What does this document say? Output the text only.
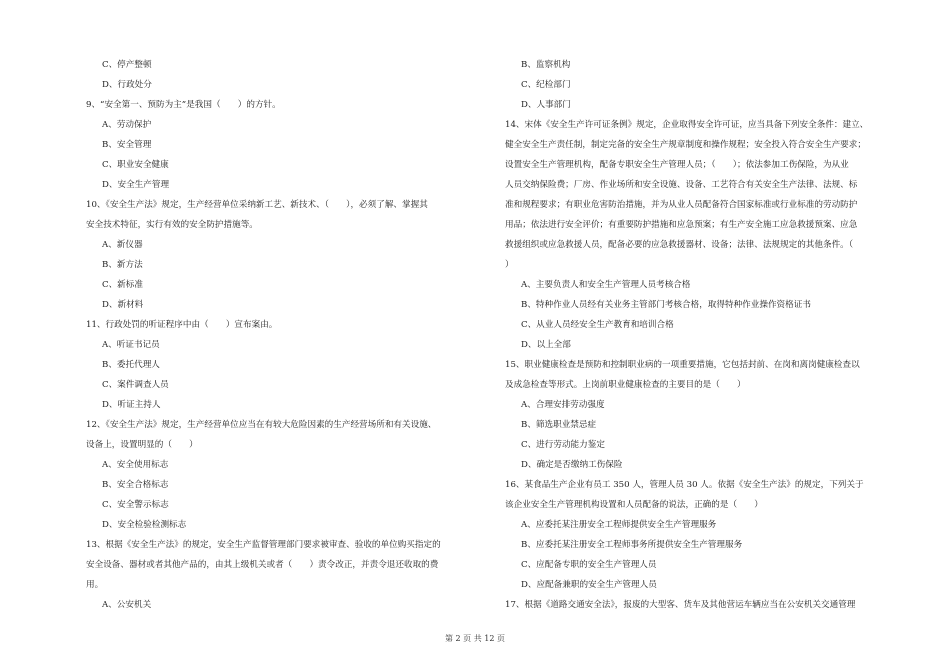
C、停产整顿
D、行政处分
9、“安全第一、预防为主”是我国（　　）的方针。
A、劳动保护
B、安全管理
C、职业安全健康
D、安全生产管理
10、《安全生产法》规定，生产经营单位采纳新工艺、新技术、（　　），必须了解、掌握其
安全技术特征，实行有效的安全防护措施等。
A、新仪器
B、新方法
C、新标准
D、新材料
11、行政处罚的听证程序中由（　　）宣布案由。
A、听证书记员
B、委托代理人
C、案件调查人员
D、听证主持人
12、《安全生产法》规定，生产经营单位应当在有较大危险因素的生产经营场所和有关设施、
设备上，设置明显的（　　）
A、安全使用标志
B、安全合格标志
C、安全警示标志
D、安全检验检测标志
13、根据《安全生产法》的规定，安全生产监督管理部门要求被审查、验收的单位购买指定的
安全设备、器材或者其他产品的，由其上级机关或者（　　）责令改正，并责令退还收取的费
用。
A、公安机关
B、监察机构
C、纪检部门
D、人事部门
14、宋体《安全生产许可证条例》规定，企业取得安全许可证，应当具备下列安全条件：建立、
健全安全生产责任制，制定完备的安全生产规章制度和操作规程；安全投入符合安全生产要求；
设置安全生产管理机构，配备专职安全生产管理人员；（　　）；依法参加工伤保险，为从业
人员交纳保险费；厂房、作业场所和安全设施、设备、工艺符合有关安全生产法律、法规、标
准和规程要求；有职业危害防治措施，并为从业人员配备符合国家标准或行业标准的劳动防护
用品；依法进行安全评价；有重要防护措施和应急预案；有生产安全施工应急救援预案、应急
救援组织或应急救援人员，配备必要的应急救援器材、设备；法律、法规规定的其他条件。（
）
A、主要负责人和安全生产管理人员考核合格
B、特种作业人员经有关业务主管部门考核合格，取得特种作业操作资格证书
C、从业人员经安全生产教育和培训合格
D、以上全部
15、职业健康检查是预防和控制职业病的一项重要措施，它包括封前、在岗和离岗健康检查以
及成急检查等形式。上岗前职业健康检查的主要目的是（　　）
A、合理安排劳动强度
B、筛选职业禁忌症
C、进行劳动能力鉴定
D、确定是否缴纳工伤保险
16、某食品生产企业有员工 350 人，管理人员 30 人。依据《安全生产法》的规定，下列关于
该企业安全生产管理机构设置和人员配备的说法，正确的是（　　）
A、应委托某注册安全工程师提供安全生产管理服务
B、应委托某注册安全工程师事务所提供安全生产管理服务
C、应配备专职的安全生产管理人员
D、应配备兼职的安全生产管理人员
17、根据《道路交通安全法》，报废的大型客、货车及其他营运车辆应当在公安机关交通管理
第 2 页 共 12 页
